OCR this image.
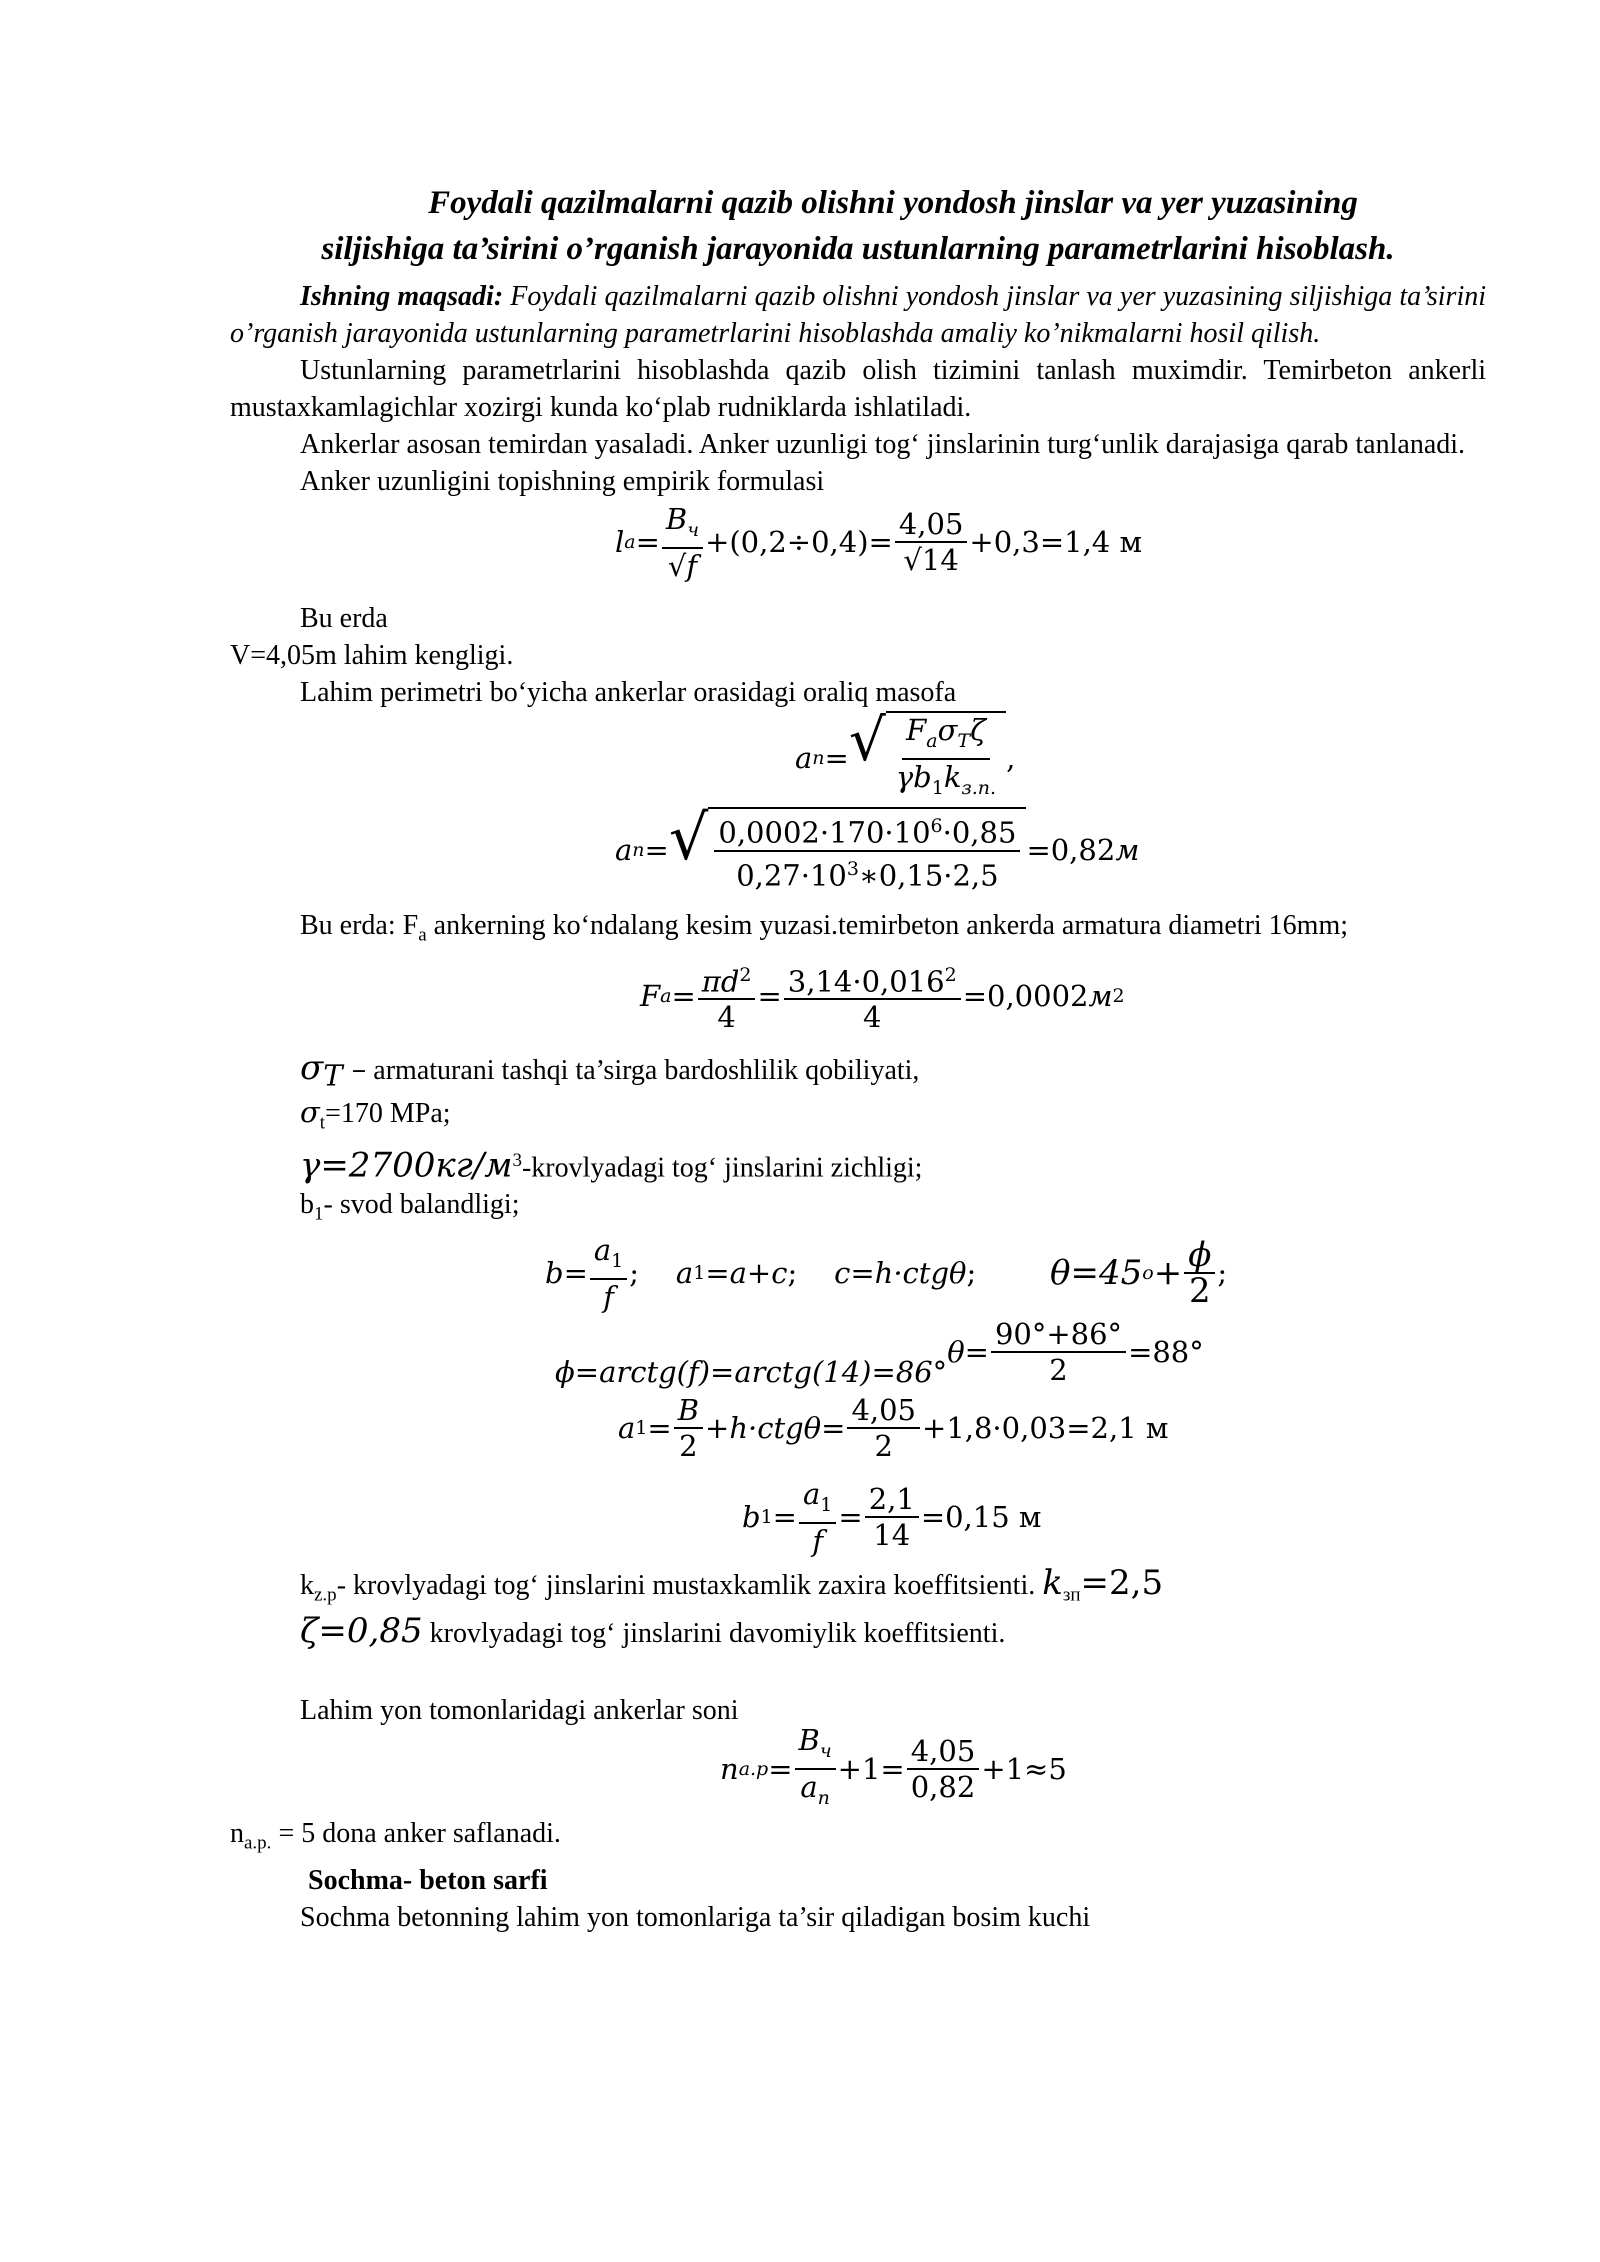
Foydali qazilmalarni qazib olishni yondosh jinslar va yer yuzasining
siljishiga ta’sirini o’rganish jarayonida ustunlarning parametrlarini hisoblash.

Ishning maqsadi: Foydali qazilmalarni qazib olishni yondosh jinslar va yer yuzasining siljishiga ta’sirini o’rganish jarayonida ustunlarning parametrlarini hisoblashda amaliy ko’nikmalarni hosil qilish.

Ustunlarning parametrlarini hisoblashda qazib olish tizimini tanlash muximdir. Temirbeton ankerli mustaxkamlagichlar xozirgi kunda ko‘plab rudniklarda ishlatiladi.

Ankerlar asosan temirdan yasaladi. Anker uzunligi tog‘ jinslarinin turg‘unlik darajasiga qarab tanlanadi.

Anker uzunligini topishning empirik formulasi

l $a = \frac{B_ч}{√f} +(0,2\div 0,4)= \frac{4,05}{√14} +0,3=1,4$
м

Bu erda

V=4,05m lahim kengligi.

Lahim perimetri bo‘yicha ankerlar orasidagi oraliq masofa

a n = √ $\frac{F_a\sigma_T\zeta}{\gamma b_1k_{з.п.}}$ ,
a n = √ $\frac{0,0002\cdot 170\cdot 10^6\cdot 0,85}{0,27\cdot 10^3∗0,15\cdot 2,5} =0,82$ м

Bu erda: $F_a$ ankerning ko‘ndalang kesim yuzasi.temirbeton ankerda armatura diametri 16mm;

F $a = \frac{\pi d^2}{4} = \frac{3,14\cdot 0,016^2}{4} =0,0002$ м 2

$\sigma_T$ – armaturani tashqi ta’sirga bardoshlilik qobiliyati,

$\sigma_t=170$ MPa;

$\gamma=2700кг/м^3$-krovlyadagi tog‘ jinslarini zichligi;

$b_1-$ svod balandligi;

$b= \frac{a_1}{f}$ ;
a 1 =a+c ;
c=h·ctgθ ;
θ=45 $o + \frac{\phi}{2}$ ;
ϕ=arctg(f)=arctg(14)=86°
$\theta= \frac{90^\circ+86^\circ}{2} =88^\circ$
a $1 = \frac{B}{2} +h\cdot ctg\theta= \frac{4,05}{2} +1,8\cdot 0,03=2,1$
м
b $1 = \frac{a_1}{f} = \frac{2,1}{14} =0,15$
м

$k_{z.p}-$ krovlyadagi tog‘ jinslarini mustaxkamlik zaxira koeffitsienti. $k_{зп}=2,5$

ζ=0,85 krovlyadagi tog‘ jinslarini davomiylik koeffitsienti.

Lahim yon tomonlaridagi ankerlar soni

n $a.p = \frac{B_ч}{a_n} +1= \frac{4,05}{0,82} +1\approx 5$

$n_{a.p.} = 5$ dona anker saflanadi.

Sochma- beton sarfi

Sochma betonning lahim yon tomonlariga ta’sir qiladigan bosim kuchi
